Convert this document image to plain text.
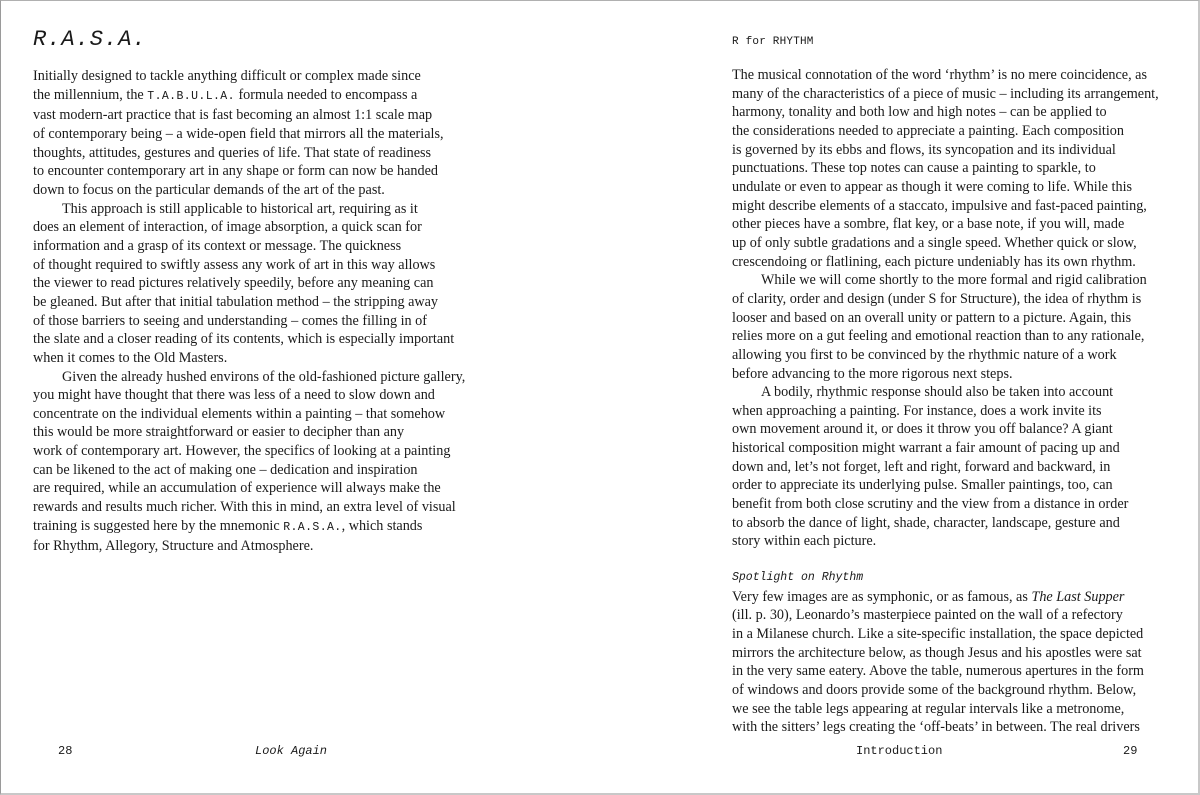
R.A.S.A.

Initially designed to tackle anything difficult or complex made since
the millennium, the T.A.B.U.L.A. formula needed to encompass a
vast modern-art practice that is fast becoming an almost 1:1 scale map
of contemporary being – a wide-open field that mirrors all the materials,
thoughts, attitudes, gestures and queries of life. That state of readiness
to encounter contemporary art in any shape or form can now be handed
down to focus on the particular demands of the art of the past.

This approach is still applicable to historical art, requiring as it
does an element of interaction, of image absorption, a quick scan for
information and a grasp of its context or message. The quickness
of thought required to swiftly assess any work of art in this way allows
the viewer to read pictures relatively speedily, before any meaning can
be gleaned. But after that initial tabulation method – the stripping away
of those barriers to seeing and understanding – comes the filling in of
the slate and a closer reading of its contents, which is especially important
when it comes to the Old Masters.

Given the already hushed environs of the old-fashioned picture gallery,
you might have thought that there was less of a need to slow down and
concentrate on the individual elements within a painting – that somehow
this would be more straightforward or easier to decipher than any
work of contemporary art. However, the specifics of looking at a painting
can be likened to the act of making one – dedication and inspiration
are required, while an accumulation of experience will always make the
rewards and results much richer. With this in mind, an extra level of visual
training is suggested here by the mnemonic R.A.S.A., which stands
for Rhythm, Allegory, Structure and Atmosphere.

28	Look Again
R for RHYTHM

The musical connotation of the word ‘rhythm’ is no mere coincidence, as
many of the characteristics of a piece of music – including its arrangement,
harmony, tonality and both low and high notes – can be applied to
the considerations needed to appreciate a painting. Each composition
is governed by its ebbs and flows, its syncopation and its individual
punctuations. These top notes can cause a painting to sparkle, to
undulate or even to appear as though it were coming to life. While this
might describe elements of a staccato, impulsive and fast-paced painting,
other pieces have a sombre, flat key, or a base note, if you will, made
up of only subtle gradations and a single speed. Whether quick or slow,
crescendoing or flatlining, each picture undeniably has its own rhythm.

While we will come shortly to the more formal and rigid calibration
of clarity, order and design (under S for Structure), the idea of rhythm is
looser and based on an overall unity or pattern to a picture. Again, this
relies more on a gut feeling and emotional reaction than to any rationale,
allowing you first to be convinced by the rhythmic nature of a work
before advancing to the more rigorous next steps.

A bodily, rhythmic response should also be taken into account
when approaching a painting. For instance, does a work invite its
own movement around it, or does it throw you off balance? A giant
historical composition might warrant a fair amount of pacing up and
down and, let’s not forget, left and right, forward and backward, in
order to appreciate its underlying pulse. Smaller paintings, too, can
benefit from both close scrutiny and the view from a distance in order
to absorb the dance of light, shade, character, landscape, gesture and
story within each picture.

Spotlight on Rhythm

Very few images are as symphonic, or as famous, as The Last Supper
(ill. p. 30), Leonardo’s masterpiece painted on the wall of a refectory
in a Milanese church. Like a site-specific installation, the space depicted
mirrors the architecture below, as though Jesus and his apostles were sat
in the very same eatery. Above the table, numerous apertures in the form
of windows and doors provide some of the background rhythm. Below,
we see the table legs appearing at regular intervals like a metronome,
with the sitters’ legs creating the ‘off-beats’ in between. The real drivers

Introduction	29
